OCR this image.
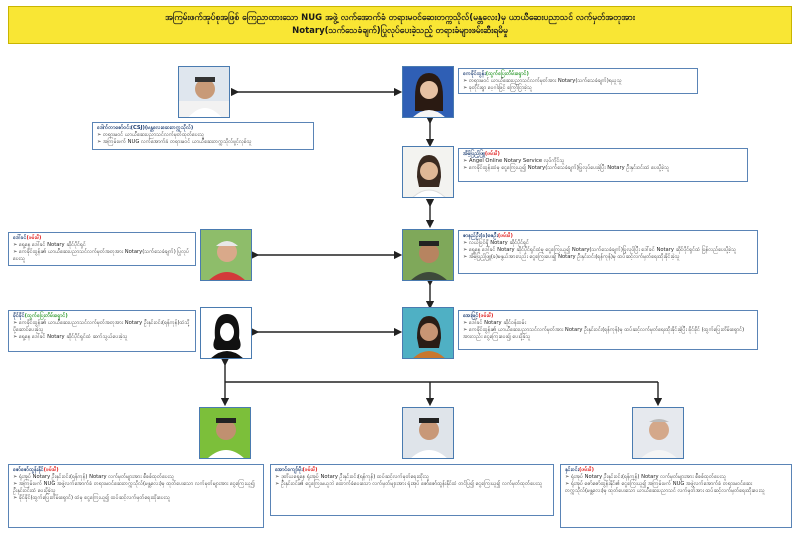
အကြမ်းဖက်အုပ်စုအဖြစ် ကြေညာထားသော NUG အဖွဲ့ လက်အောက်ခံ တရားမဝင်ဆေးတက္ကသိုလ်(မန္တလေး)မှ ယာယီဆေးပညာသင် လက်မှတ်အတုအား
Notary(သက်သေခံချက်)ပြုလုပ်ပေးခဲ့သည့် တရားခံများဖမ်းဆီးရမိမှု
ဒေါက်တာဇော်ဝင်း(CSJ)(မန္တလေးဆေးတက္ကသိုလ်)
➢ တရားမဝင် ယာယီဆေးပညာသင်လက်မှတ်ထုတ်ပေးသူ
➢ အကြမ်းဖက် NUG လက်အောက်ခံ တရားမဝင် ယာယီဆေးတက္ကသိုလ်ဖွင့်လှစ်သူ
ကေခိုင်ထွန်း(ထွက်ပြေးတိမ်းရှောင်)
➢ တရားမဝင် ယာယီဆေးပညာသင်လက်မှတ်အား Notary(သက်သေခံချက်)ရယူသူ
➢ ခုတိုင်းရွာ ပေ့ဂါးဖြင့် ကြော်ငြာခဲ့သူ
အိမ့်ပြည့်ဖြူ(ဖမ်းမိ)
➢ Angel Online Notary Service လုပ်ကိုင်သူ
➢ ကေခိုင်ထွန်းထံမှ ငွေကြေးယူ၍ Notary(သက်သေခံချက်)ပြုလုပ်ပေးခဲ့ပြီး Notary ဦးနှင်းဝင်းထံ ပေးပို့ခဲ့သူ
ဒေါ်ခင်(ဖမ်းမိ)
➢ ရှေ့နေ ဒေါ်ခင် Notary ဆိုင်ပိုင်ရှင်
➢ ကေခိုင်ထွန်း၏ ယာယီဆေးပညာသင်လက်မှတ်အတုအား Notary(သက်သေခံချက်) ပြုလုပ်ပေးသူ
ဇာနည်ဦး(ခ)ဇေဦး(ဖမ်းမိ)
➢ လယ်ပြင်ရှိ Notary ဆိုင်ပိုင်ရှင်
➢ ရှေ့နေ ဒေါ်ခင် Notary ဆိုင်ပိုင်ရှင်ထံမှ ငွေကြေးယူ၍ Notary(သက်သေခံချက်)ပြုလုပ်ပြီး ဒေါ်ခင် Notary ဆိုင်ပိုင်ရှင်ထံ ပြန်လည်ပေးပို့ခဲ့သူ
➢ အိမ့်ပြည့်ဖြူ(ခ)မနွယ်အားလည်း ငွေကြေးပေး၍ Notary ဦးနှင်းဝင်း(ရန်ကုန်)မှ ထပ်ဆင့်လက်မှတ်ရေးထိုးခိုင်းခဲ့သူ
ခိုင်ခိုင်(ထွက်ပြေးတိမ်းရှောင်)
➢ ကေခိုင်ထွန်း၏ ယာယီဆေးပညာသင်လက်မှတ်အတုအား Notary ဦးနှင်းဝင်း(ရန်ကုန်)ထံသို့ ပို့ဆောင်ပေးခဲ့သူ
➢ ရှေ့နေ ဒေါ်ခင် Notary ဆိုင်ပိုင်ရှင်ထံ ဆက်သွယ်ပေးခဲ့သူ
အေးမြင့်(ဖမ်းမိ)
➢ ဒေါ်ခင် Notary ဆိုင်ဝန်ထမ်း
➢ ကေခိုင်ထွန်း၏ ယာယီဆေးပညာသင်လက်မှတ်အား Notary ဦးနှင်းဝင်း(ရန်ကုန်)မှ ထပ်ဆင့်လက်မှတ်ရေးထိုးခိုင်းခဲ့ပြီး ခိုင်ခိုင် (ထွက်ပြေးတိမ်းရှောင်) အားလည်း ငွေကြေးပေး၍ ပေးပို့ခဲ့သူ
ဇော်ဇော်ထွန်းနိုင်(ဖမ်းမိ)
➢ ရုံးအုပ် Notary ဦးနှင်းဝင်း(ရန်ကုန်) Notary လက်မှတ်များအား စီစစ်ထုတ်ပေးသူ
➢ အကြမ်းဖက် NUG အဖွဲ့လက်အောက်ခံ တရားမဝင်ဆေးတက္ကသိုလ်(မန္တလေး)မှ ထုတ်ပေးသော လက်မှတ်များအား ငွေကြေးယူ၍ ဦးနှင်းဝင်းထံ ပေးပို့ခဲ့သူ
➢ ခိုင်ခိုင်(ထွက်ပြေးတိမ်းရှောင်) ထံမှ ငွေကြေးယူ၍ ထပ်ဆင့်လက်မှတ်ရေးထိုးပေးသူ
အောင်ကျော်မိုး(ဖမ်းမိ)
➢ ဒုတိယရှေ့နေ ရုံးအုပ် Notary ဦးနှင်းဝင်း(ရန်ကုန်) ထပ်ဆင့်လက်မှတ်ရေးထိုးသူ
➢ ဦးနှင်းဝင်း၏ ငွေကြေးမယူဘဲ ထောက်ခံပေးသော လက်မှတ်များအား ရုံးအုပ် ဇော်ဇော်ထွန်းနိုင်ထံ တင်ပြ၍ ငွေကြေးယူ၍ လက်မှတ်ထုတ်ပေးသူ
နှင်းဝင်း(ဖမ်းမိ)
➢ ရုံးအုပ် Notary ဦးနှင်းဝင်း(ရန်ကုန်) Notary လက်မှတ်များအား စီစစ်ထုတ်ပေးသူ
➢ ရုံးအုပ် ဇော်ဇော်ထွန်းနိုင်၏ ငွေကြေးယူ၍ အကြမ်းဖက် NUG အဖွဲ့လက်အောက်ခံ တရားမဝင်ဆေးတက္ကသိုလ်(မန္တလေး)မှ ထုတ်ပေးသော ယာယီဆေးပညာသင် လက်မှတ်အား ထပ်ဆင့်လက်မှတ်ရေးထိုးပေးသူ
